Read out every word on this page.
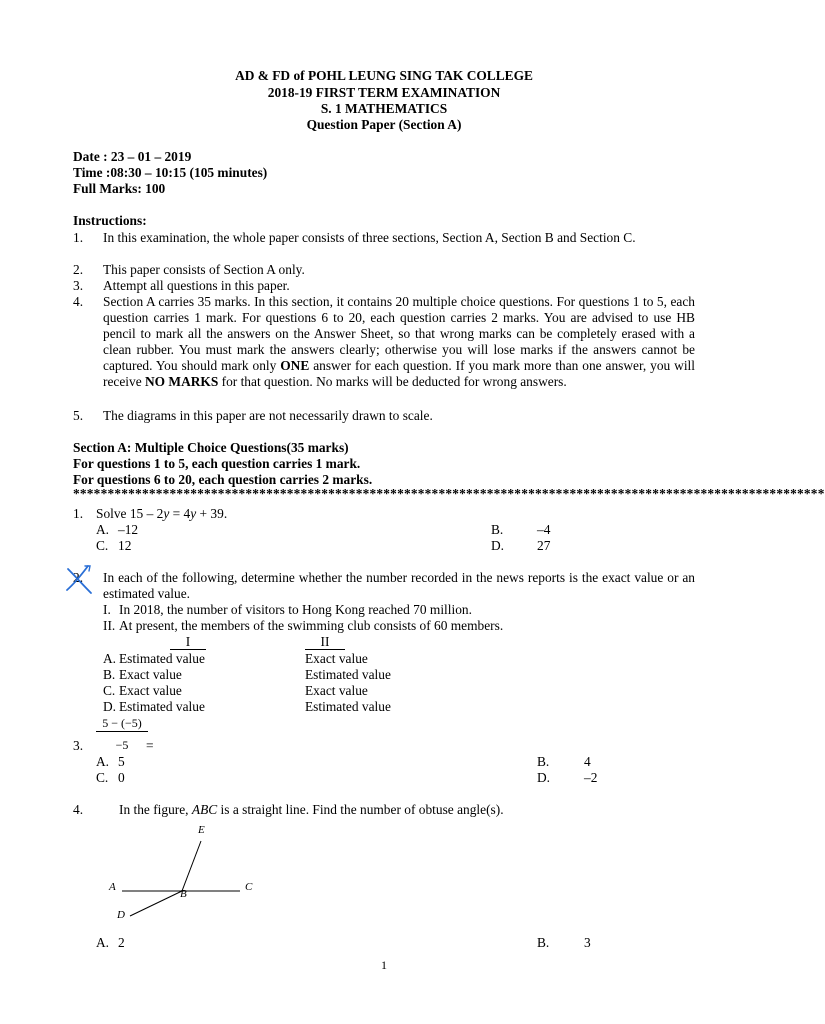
AD & FD of POHL LEUNG SING TAK COLLEGE
2018-19 FIRST TERM EXAMINATION
S. 1 MATHEMATICS
Question Paper (Section A)
Date : 23 – 01 – 2019
Time :08:30 – 10:15 (105 minutes)
Full Marks: 100
Instructions:
1. In this examination, the whole paper consists of three sections, Section A, Section B and Section C.
2. This paper consists of Section A only.
3. Attempt all questions in this paper.
4. Section A carries 35 marks. In this section, it contains 20 multiple choice questions. For questions 1 to 5, each question carries 1 mark. For questions 6 to 20, each question carries 2 marks. You are advised to use HB pencil to mark all the answers on the Answer Sheet, so that wrong marks can be completely erased with a clean rubber. You must mark the answers clearly; otherwise you will lose marks if the answers cannot be captured. You should mark only ONE answer for each question. If you mark more than one answer, you will receive NO MARKS for that question. No marks will be deducted for wrong answers.
5. The diagrams in this paper are not necessarily drawn to scale.
Section A: Multiple Choice Questions(35 marks)
For questions 1 to 5, each question carries 1 mark.
For questions 6 to 20, each question carries 2 marks.
*************************************************************************************************************
1. Solve 15 – 2y = 4y + 39.
A. –12	B.	–4
C. 12	D. 27
2. In each of the following, determine whether the number recorded in the news reports is the exact value or an estimated value.
I. In 2018, the number of visitors to Hong Kong reached 70 million.
II. At present, the members of the swimming club consists of 60 members.
I	II
A. Estimated value	Exact value
B. Exact value	Estimated value
C. Exact value	Exact value
D. Estimated value	Estimated value
5 − (−5)
−5
3.	=
A. 5	B.	4
C. 0	D.	–2
4.	In the figure, ABC is a straight line. Find the number of obtuse angle(s).
E
A
B
C
D
A. 2	B.	3
1
